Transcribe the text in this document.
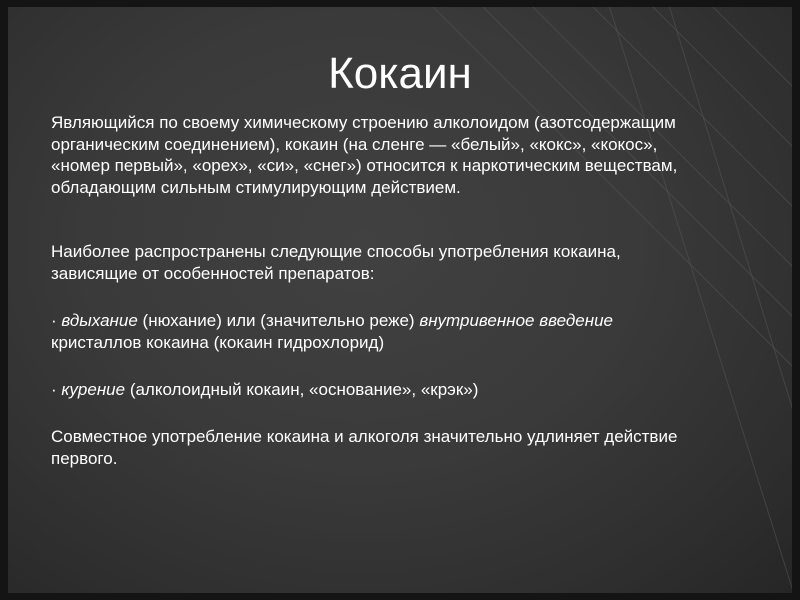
Кокаин

Являющийся по своему химическому строению алколоидом (азотсодержащим органическим соединением), кокаин (на сленге — «белый», «кокс», «кокос», «номер первый», «орех», «си», «снег») относится к наркотическим веществам, обладающим сильным стимулирующим действием.

Наиболее распространены следующие способы употребления кокаина, зависящие от особенностей препаратов:

· вдыхание (нюхание) или (значительно реже) внутривенное введение кристаллов кокаина (кокаин гидрохлорид)

· курение (алколоидный кокаин, «основание», «крэк»)

Совместное употребление кокаина и алкоголя значительно удлиняет действие первого.
